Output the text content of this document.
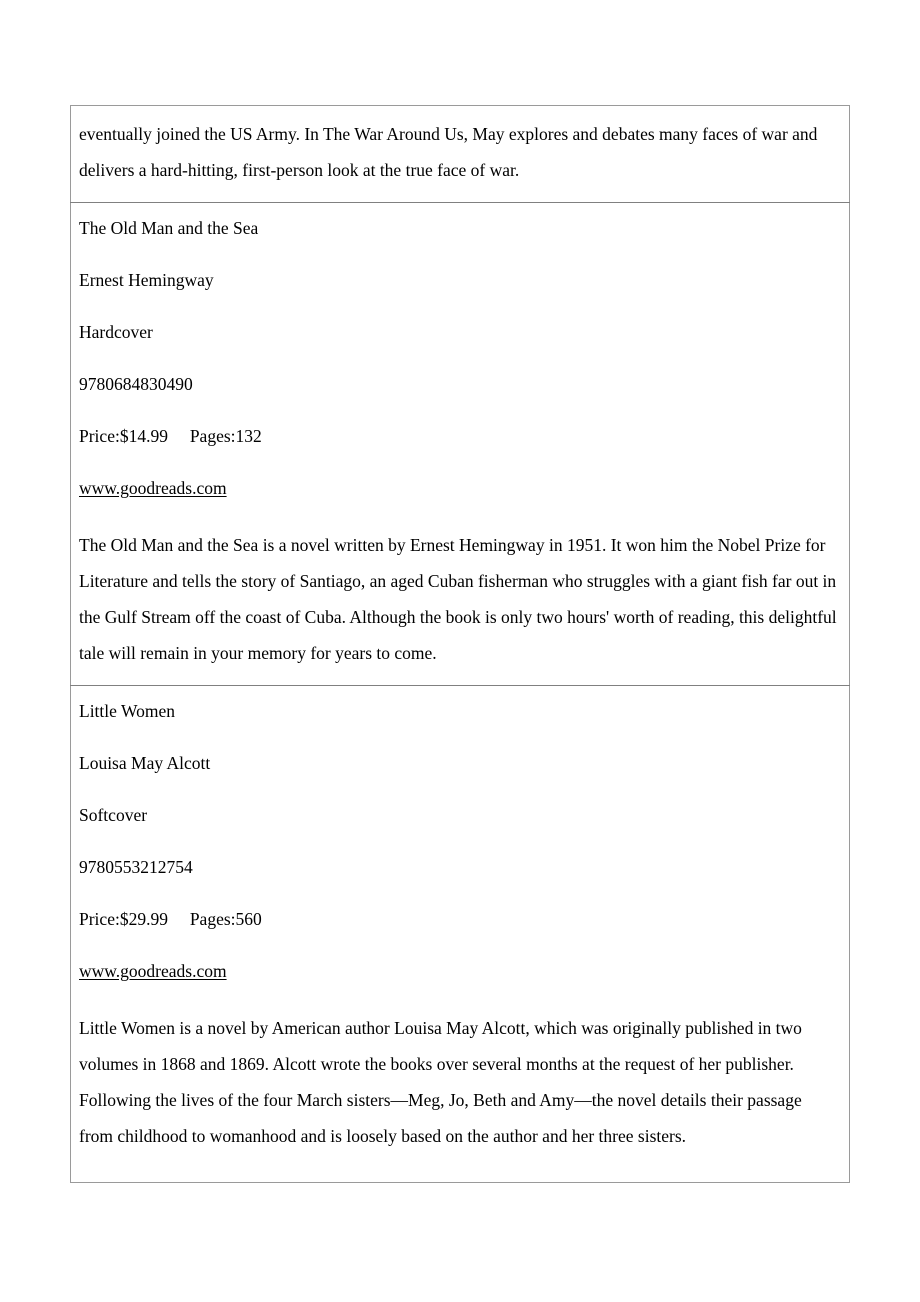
eventually joined the US Army. In The War Around Us, May explores and debates many faces of war and delivers a hard-hitting, first-person look at the true face of war.

The Old Man and the Sea

Ernest Hemingway

Hardcover

9780684830490

Price:$14.99  Pages:132

www.goodreads.com

The Old Man and the Sea is a novel written by Ernest Hemingway in 1951. It won him the Nobel Prize for Literature and tells the story of Santiago, an aged Cuban fisherman who struggles with a giant fish far out in the Gulf Stream off the coast of Cuba. Although the book is only two hours' worth of reading, this delightful tale will remain in your memory for years to come.

Little Women

Louisa May Alcott

Softcover

9780553212754

Price:$29.99  Pages:560

www.goodreads.com

Little Women is a novel by American author Louisa May Alcott, which was originally published in two volumes in 1868 and 1869. Alcott wrote the books over several months at the request of her publisher. Following the lives of the four March sisters—Meg, Jo, Beth and Amy—the novel details their passage from childhood to womanhood and is loosely based on the author and her three sisters.
